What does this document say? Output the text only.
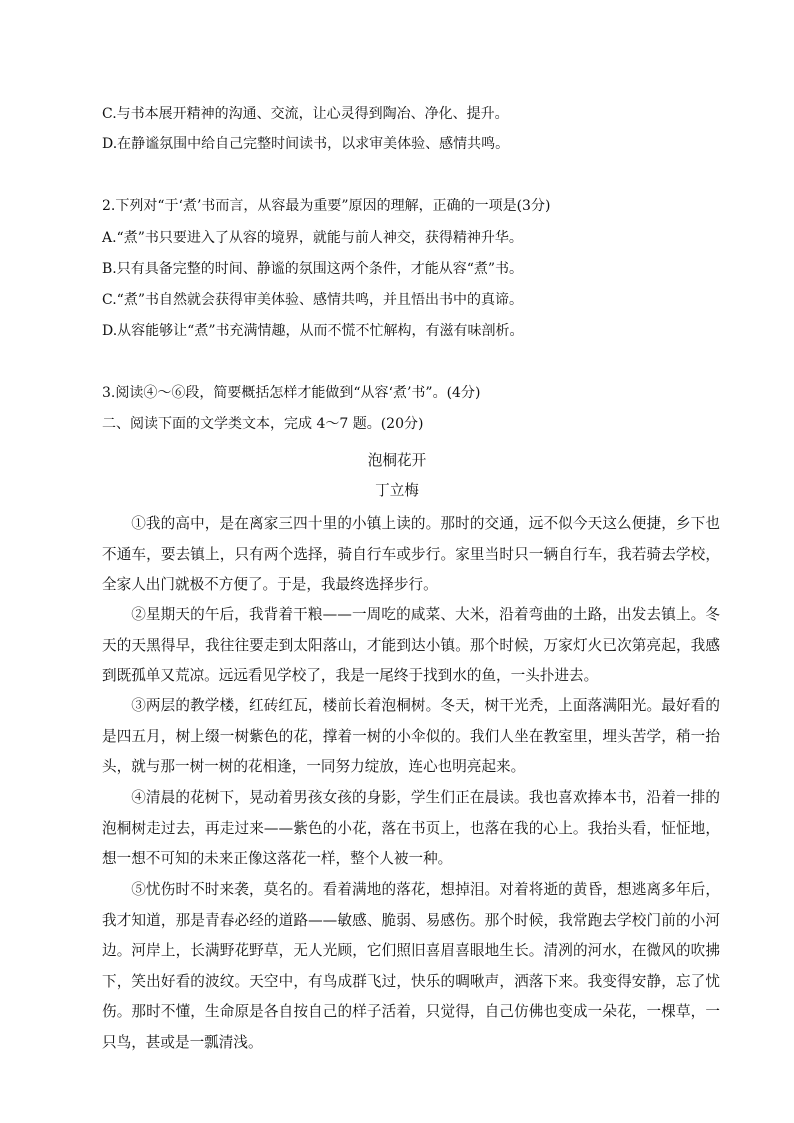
C.与书本展开精神的沟通、交流，让心灵得到陶冶、净化、提升。

D.在静谧氛围中给自己完整时间读书，以求审美体验、感情共鸣。

2.下列对“于‘煮’书而言，从容最为重要”原因的理解，正确的一项是(3分)

A.“煮”书只要进入了从容的境界，就能与前人神交，获得精神升华。

B.只有具备完整的时间、静谧的氛围这两个条件，才能从容“煮”书。

C.“煮”书自然就会获得审美体验、感情共鸣，并且悟出书中的真谛。

D.从容能够让“煮”书充满情趣，从而不慌不忙解构，有滋有味剖析。

3.阅读④～⑥段，简要概括怎样才能做到“从容‘煮’书”。(4分)

二、阅读下面的文学类文本，完成 4～7 题。(20分)

泡桐花开

丁立梅

①我的高中，是在离家三四十里的小镇上读的。那时的交通，远不似今天这么便捷，乡下也不通车，要去镇上，只有两个选择，骑自行车或步行。家里当时只一辆自行车，我若骑去学校，全家人出门就极不方便了。于是，我最终选择步行。

②星期天的午后，我背着干粮——一周吃的咸菜、大米，沿着弯曲的土路，出发去镇上。冬天的天黑得早，我往往要走到太阳落山，才能到达小镇。那个时候，万家灯火已次第亮起，我感到既孤单又荒凉。远远看见学校了，我是一尾终于找到水的鱼，一头扑进去。

③两层的教学楼，红砖红瓦，楼前长着泡桐树。冬天，树干光秃，上面落满阳光。最好看的是四五月，树上缀一树紫色的花，撑着一树的小伞似的。我们人坐在教室里，埋头苦学，稍一抬头，就与那一树一树的花相逢，一同努力绽放，连心也明亮起来。

④清晨的花树下，晃动着男孩女孩的身影，学生们正在晨读。我也喜欢捧本书，沿着一排的泡桐树走过去，再走过来——紫色的小花，落在书页上，也落在我的心上。我抬头看，怔怔地，想一想不可知的未来正像这落花一样，整个人被一种。

⑤忧伤时不时来袭，莫名的。看着满地的落花，想掉泪。对着将逝的黄昏，想逃离多年后，我才知道，那是青春必经的道路——敏感、脆弱、易感伤。那个时候，我常跑去学校门前的小河边。河岸上，长满野花野草，无人光顾，它们照旧喜眉喜眼地生长。清冽的河水，在微风的吹拂下，笑出好看的波纹。天空中，有鸟成群飞过，快乐的啁啾声，洒落下来。我变得安静，忘了忧伤。那时不懂，生命原是各自按自己的样子活着，只觉得，自己仿佛也变成一朵花，一棵草，一只鸟，甚或是一瓢清浅。
